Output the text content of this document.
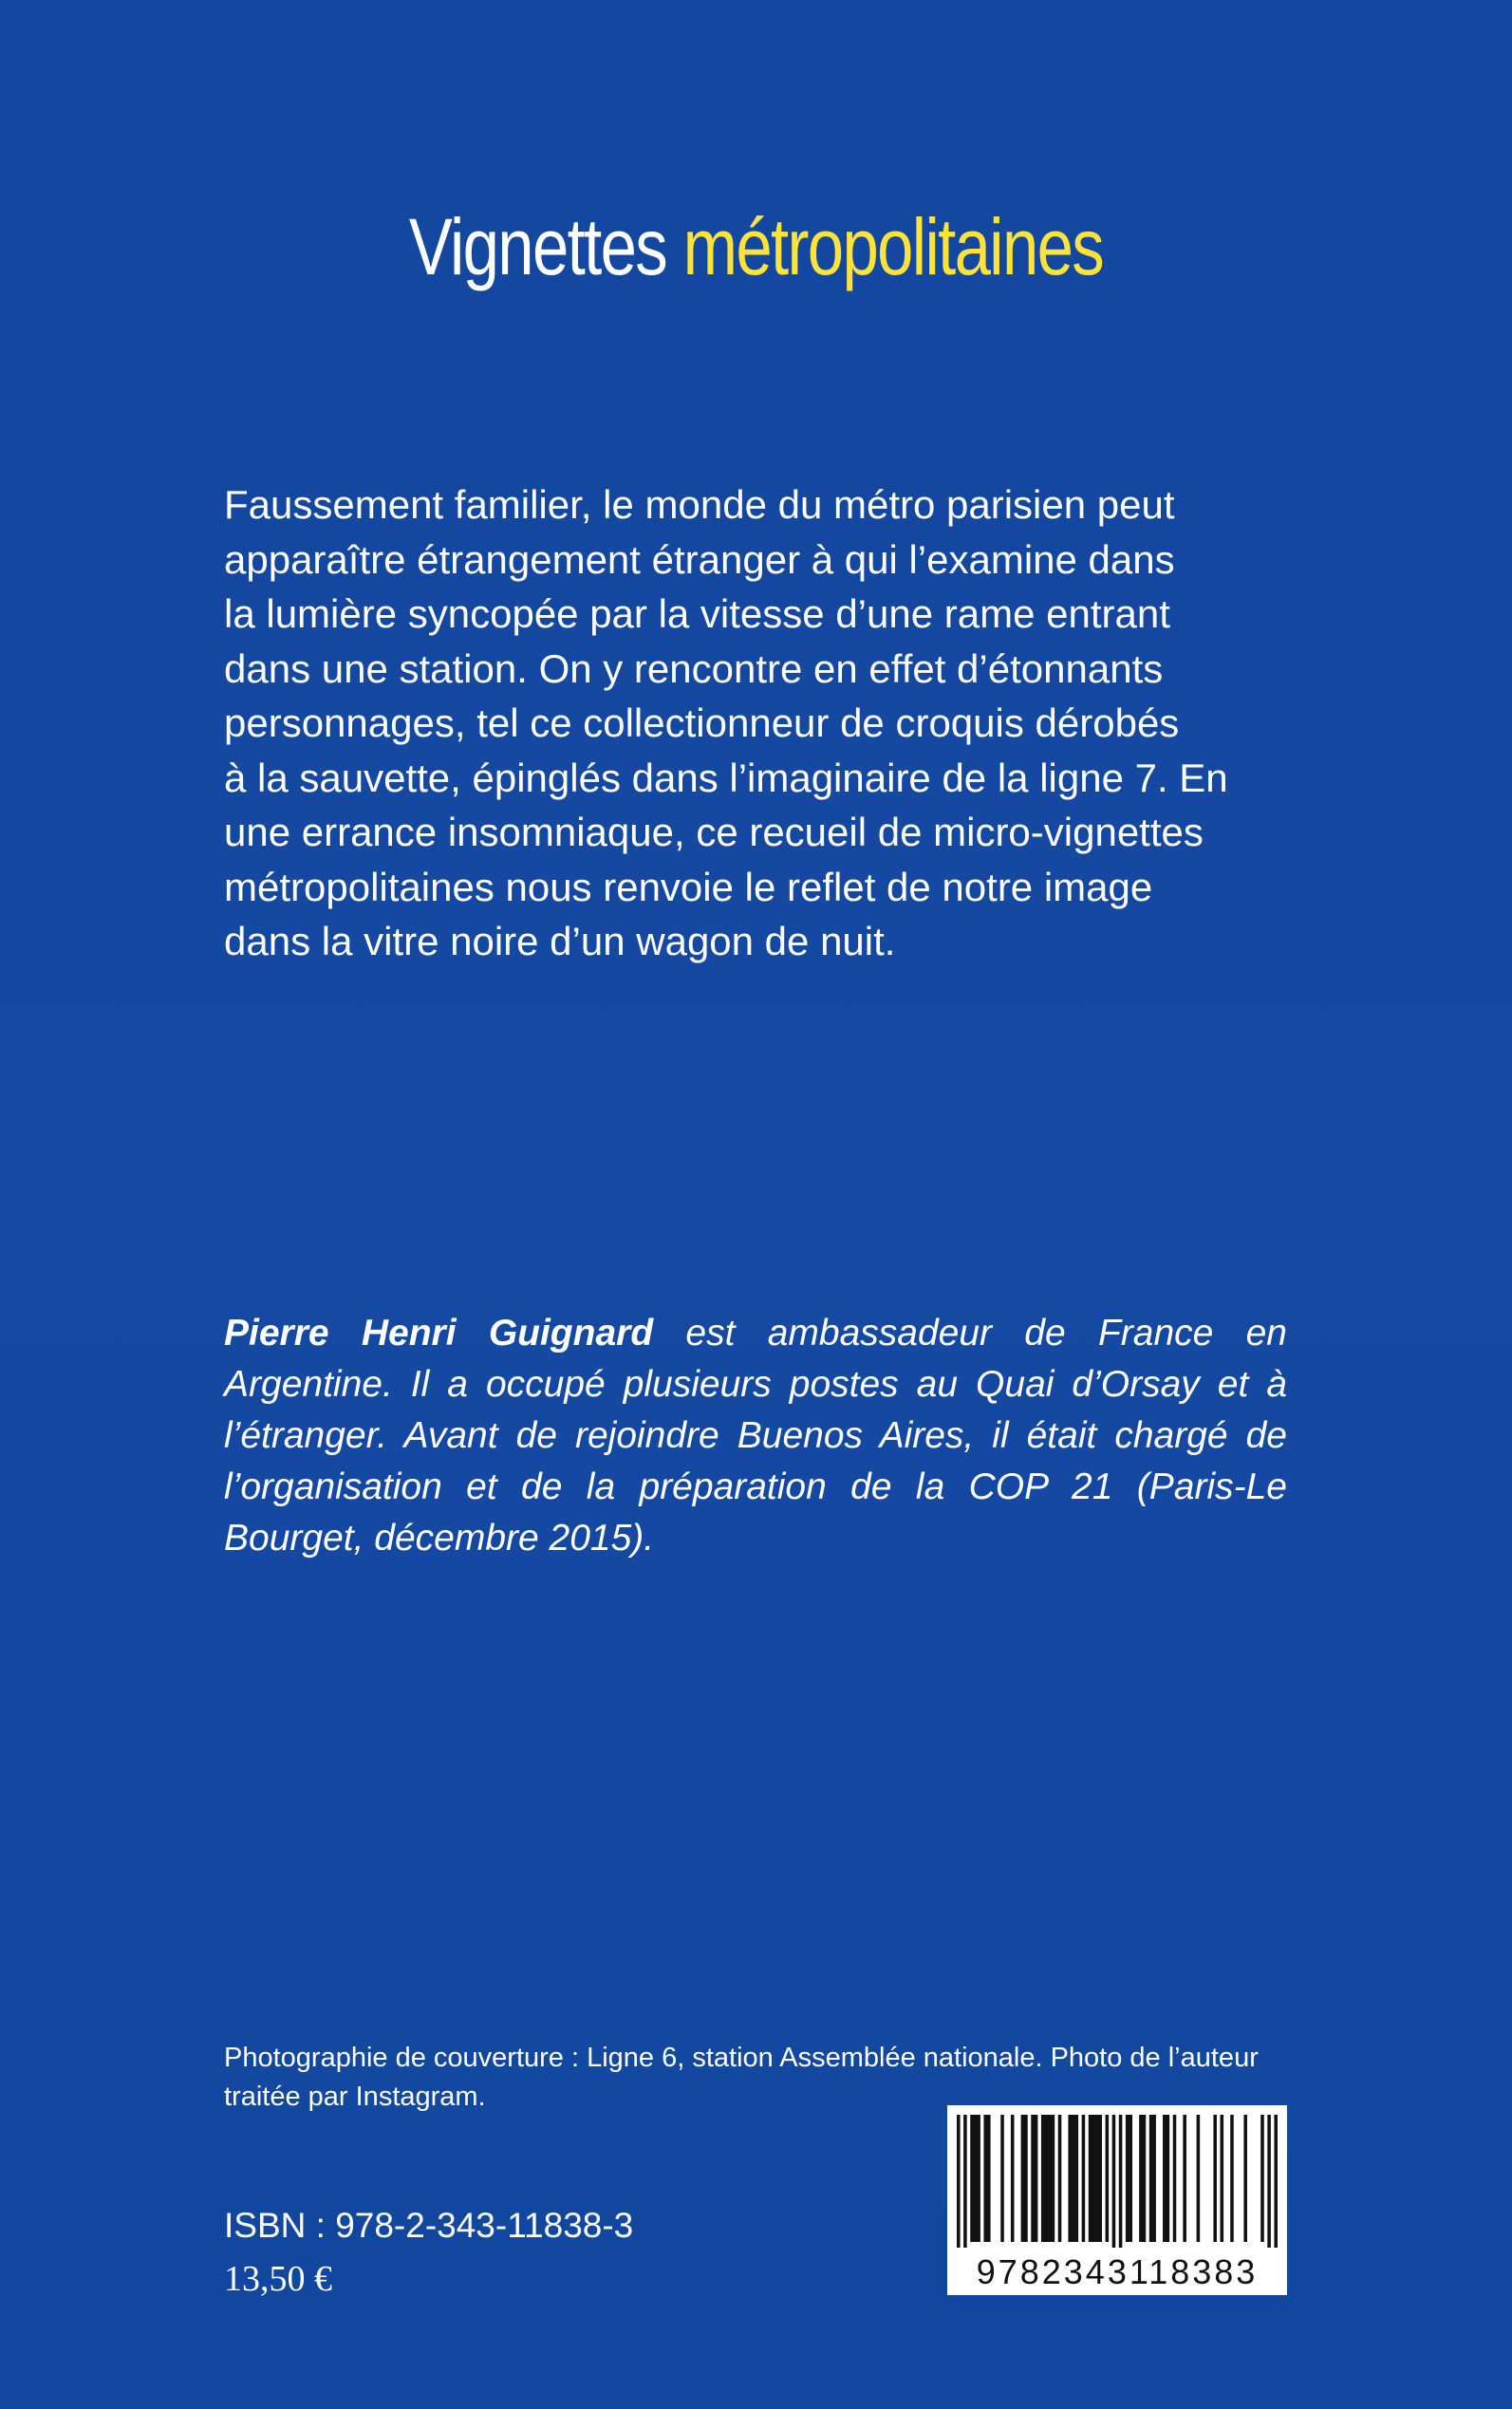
Vignettes métropolitaines
Faussement familier, le monde du métro parisien peut
apparaître étrangement étranger à qui l’examine dans
la lumière syncopée par la vitesse d’une rame entrant
dans une station. On y rencontre en effet d’étonnants
personnages, tel ce collectionneur de croquis dérobés
à la sauvette, épinglés dans l’imaginaire de la ligne 7. En
une errance insomniaque, ce recueil de micro-vignettes
métropolitaines nous renvoie le reflet de notre image
dans la vitre noire d’un wagon de nuit.
Pierre Henri Guignard est ambassadeur de France en Argentine. Il a occupé plusieurs postes au Quai d’Orsay et à l’étranger. Avant de rejoindre Buenos Aires, il était chargé de l’organisation et de la préparation de la COP 21 (Paris-Le Bourget, décembre 2015).
Photographie de couverture : Ligne 6, station Assemblée nationale. Photo de l’auteur
traitée par Instagram.
9782343118383
ISBN : 978-2-343-11838-3
13,50 €
